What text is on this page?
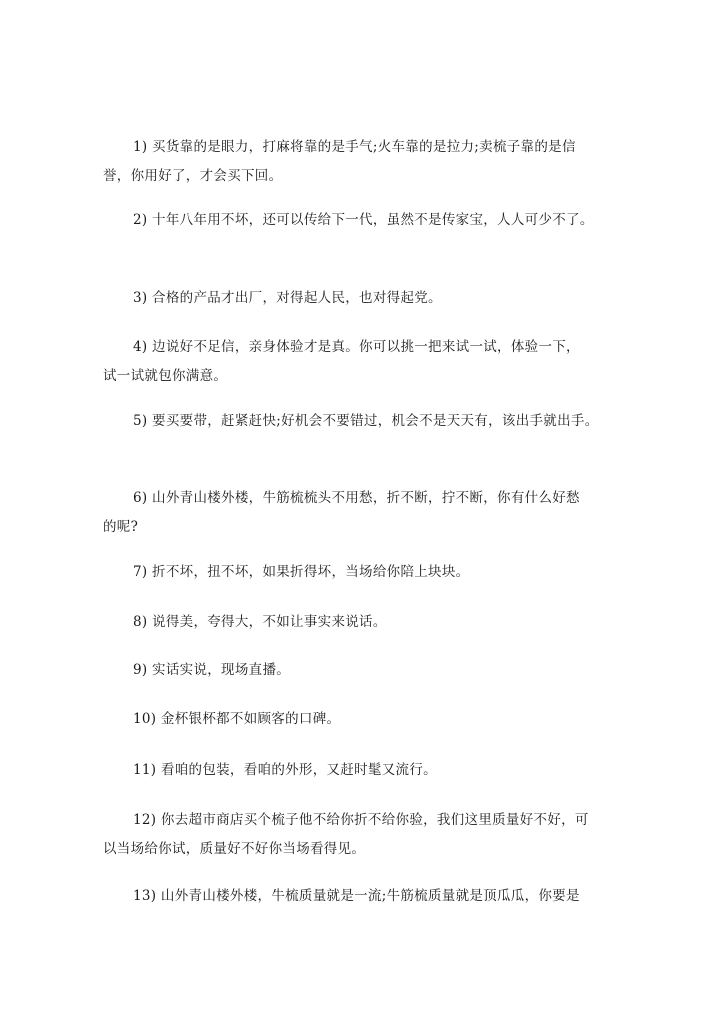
1) 买货靠的是眼力，打麻将靠的是手气;火车靠的是拉力;卖梳子靠的是信
誉，你用好了，才会买下回。

2) 十年八年用不坏，还可以传给下一代，虽然不是传家宝，人人可少不了。

3) 合格的产品才出厂，对得起人民，也对得起党。

4) 边说好不足信，亲身体验才是真。你可以挑一把来试一试，体验一下，
试一试就包你满意。

5) 要买要带，赶紧赶快;好机会不要错过，机会不是天天有，该出手就出手。

6) 山外青山楼外楼，牛筋梳梳头不用愁，折不断，拧不断，你有什么好愁
的呢?

7) 折不坏，扭不坏，如果折得坏，当场给你陪上块块。

8) 说得美，夸得大，不如让事实来说话。

9) 实话实说，现场直播。

10) 金杯银杯都不如顾客的口碑。

11) 看咱的包装，看咱的外形，又赶时髦又流行。

12) 你去超市商店买个梳子他不给你折不给你验，我们这里质量好不好，可
以当场给你试，质量好不好你当场看得见。

13) 山外青山楼外楼，牛梳质量就是一流;牛筋梳质量就是顶瓜瓜，你要是
